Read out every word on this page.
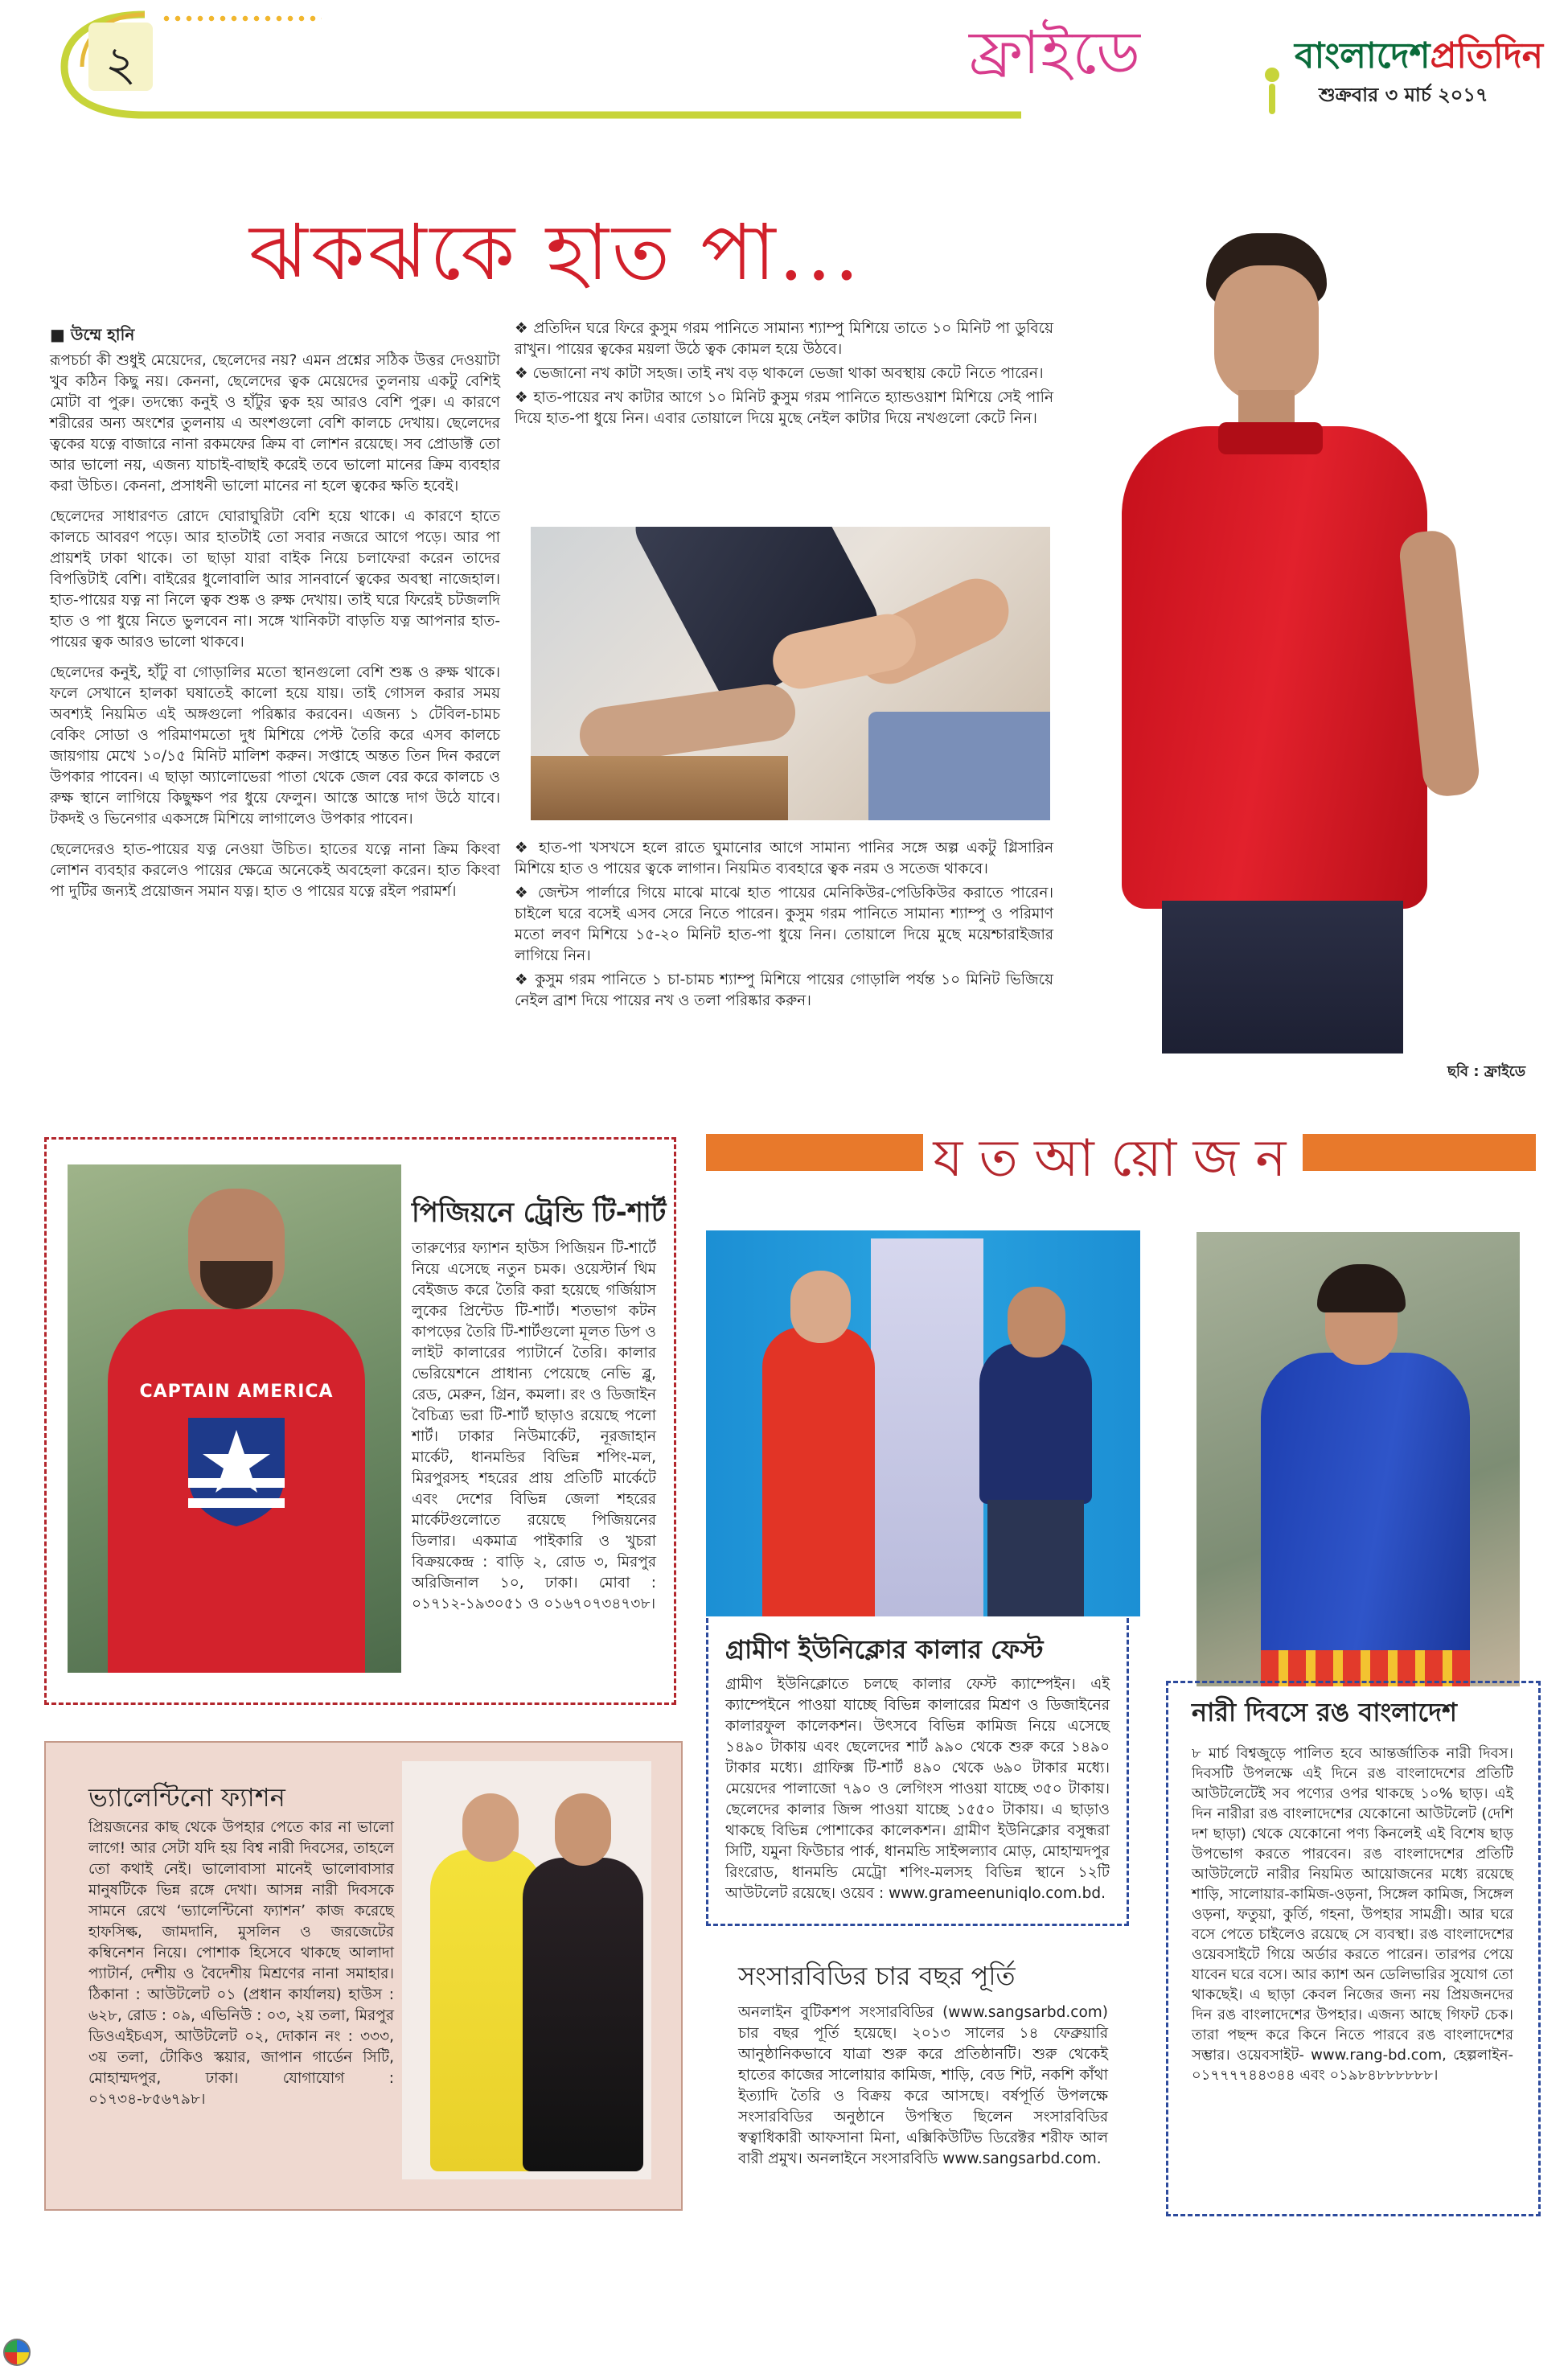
২	ফ্রাইডে	বাংলাদেশপ্রতিদিন
শুক্রবার ৩ মার্চ ২০১৭
ঝকঝকে হাত পা...
■ উম্মে হানি

রূপচর্চা কী শুধুই মেয়েদের, ছেলেদের নয়? এমন প্রশ্নের সঠিক উত্তর দেওয়াটা খুব কঠিন কিছু নয়। কেননা, ছেলেদের ত্বক মেয়েদের তুলনায় একটু বেশিই মোটা বা পুরু। তদন্ধ্যে কনুই ও হাঁটুর ত্বক হয় আরও বেশি পুরু। এ কারণে শরীরের অন্য অংশের তুলনায় এ অংশগুলো বেশি কালচে দেখায়। ছেলেদের ত্বকের যত্নে বাজারে নানা রকমফের ক্রিম বা লোশন রয়েছে। সব প্রোডাক্ট তো আর ভালো নয়, এজন্য যাচাই-বাছাই করেই তবে ভালো মানের ক্রিম ব্যবহার করা উচিত। কেননা, প্রসাধনী ভালো মানের না হলে ত্বকের ক্ষতি হবেই।

ছেলেদের সাধারণত রোদে ঘোরাঘুরিটা বেশি হয়ে থাকে। এ কারণে হাতে কালচে আবরণ পড়ে। আর হাতটাই তো সবার নজরে আগে পড়ে। আর পা প্রায়শই ঢাকা থাকে। তা ছাড়া যারা বাইক নিয়ে চলাফেরা করেন তাদের বিপত্তিটাই বেশি। বাইরের ধুলোবালি আর সানবার্নে ত্বকের অবস্থা নাজেহাল। হাত-পায়ের যত্ন না নিলে ত্বক শুষ্ক ও রুক্ষ দেখায়। তাই ঘরে ফিরেই চটজলদি হাত ও পা ধুয়ে নিতে ভুলবেন না। সঙ্গে খানিকটা বাড়তি যত্ন আপনার হাত-পায়ের ত্বক আরও ভালো থাকবে।

ছেলেদের কনুই, হাঁটু বা গোড়ালির মতো স্থানগুলো বেশি শুষ্ক ও রুক্ষ থাকে। ফলে সেখানে হালকা ঘষাতেই কালো হয়ে যায়। তাই গোসল করার সময় অবশ্যই নিয়মিত এই অঙ্গগুলো পরিষ্কার করবেন। এজন্য ১ টেবিল-চামচ বেকিং সোডা ও পরিমাণমতো দুধ মিশিয়ে পেস্ট তৈরি করে এসব কালচে জায়গায় মেখে ১০/১৫ মিনিট মালিশ করুন। সপ্তাহে অন্তত তিন দিন করলে উপকার পাবেন। এ ছাড়া অ্যালোভেরা পাতা থেকে জেল বের করে কালচে ও রুক্ষ স্থানে লাগিয়ে কিছুক্ষণ পর ধুয়ে ফেলুন। আস্তে আস্তে দাগ উঠে যাবে। টকদই ও ভিনেগার একসঙ্গে মিশিয়ে লাগালেও উপকার পাবেন।

ছেলেদেরও হাত-পায়ের যত্ন নেওয়া উচিত। হাতের যত্নে নানা ক্রিম কিংবা লোশন ব্যবহার করলেও পায়ের ক্ষেত্রে অনেকেই অবহেলা করেন। হাত কিংবা পা দুটির জন্যই প্রয়োজন সমান যত্ন। হাত ও পায়ের যত্নে রইল পরামর্শ।

❖ প্রতিদিন ঘরে ফিরে কুসুম গরম পানিতে সামান্য শ্যাম্পু মিশিয়ে তাতে ১০ মিনিট পা ডুবিয়ে রাখুন। পায়ের ত্বকের ময়লা উঠে ত্বক কোমল হয়ে উঠবে।

❖ ভেজানো নখ কাটা সহজ। তাই নখ বড় থাকলে ভেজা থাকা অবস্থায় কেটে নিতে পারেন।

❖ হাত-পায়ের নখ কাটার আগে ১০ মিনিট কুসুম গরম পানিতে হ্যান্ডওয়াশ মিশিয়ে সেই পানি দিয়ে হাত-পা ধুয়ে নিন। এবার তোয়ালে দিয়ে মুছে নেইল কাটার দিয়ে নখগুলো কেটে নিন।

❖ হাত-পা খসখসে হলে রাতে ঘুমানোর আগে সামান্য পানির সঙ্গে অল্প একটু গ্লিসারিন মিশিয়ে হাত ও পায়ের ত্বকে লাগান। নিয়মিত ব্যবহারে ত্বক নরম ও সতেজ থাকবে।

❖ জেন্টস পার্লারে গিয়ে মাঝে মাঝে হাত পায়ের মেনিকিউর-পেডিকিউর করাতে পারেন। চাইলে ঘরে বসেই এসব সেরে নিতে পারেন। কুসুম গরম পানিতে সামান্য শ্যাম্পু ও পরিমাণ মতো লবণ মিশিয়ে ১৫-২০ মিনিট হাত-পা ধুয়ে নিন। তোয়ালে দিয়ে মুছে ময়েশ্চারাইজার লাগিয়ে নিন।

❖ কুসুম গরম পানিতে ১ চা-চামচ শ্যাম্পু মিশিয়ে পায়ের গোড়ালি পর্যন্ত ১০ মিনিট ভিজিয়ে নেইল ব্রাশ দিয়ে পায়ের নখ ও তলা পরিষ্কার করুন।

ছবি : ফ্রাইডে
য ত আ য়ো জ ন
CAPTAIN AMERICA
পিজিয়নে ট্রেন্ডি টি-শার্ট
তারুণ্যের ফ্যাশন হাউস পিজিয়ন টি-শার্টে নিয়ে এসেছে নতুন চমক। ওয়েস্টার্ন থিম বেইজড করে তৈরি করা হয়েছে গর্জিয়াস লুকের প্রিন্টেড টি-শার্ট। শতভাগ কটন কাপড়ের তৈরি টি-শার্টগুলো মূলত ডিপ ও লাইট কালারের প্যাটার্নে তৈরি। কালার ভেরিয়েশনে প্রাধান্য পেয়েছে নেভি ব্লু, রেড, মেরুন, গ্রিন, কমলা। রং ও ডিজাইন বৈচিত্র্য ভরা টি-শার্ট ছাড়াও রয়েছে পলো শার্ট। ঢাকার নিউমার্কেট, নূরজাহান মার্কেট, ধানমন্ডির বিভিন্ন শপিং-মল, মিরপুরসহ শহরের প্রায় প্রতিটি মার্কেটে এবং দেশের বিভিন্ন জেলা শহরের মার্কেটগুলোতে রয়েছে পিজিয়নের ডিলার। একমাত্র পাইকারি ও খুচরা বিক্রয়কেন্দ্র : বাড়ি ২, রোড ৩, মিরপুর অরিজিনাল ১০, ঢাকা। মোবা : ০১৭১২-১৯৩০৫১ ও ০১৬৭০৭৩৪৭৩৮।
ভ্যালেন্টিনো ফ্যাশন
প্রিয়জনের কাছ থেকে উপহার পেতে কার না ভালো লাগে! আর সেটা যদি হয় বিশ্ব নারী দিবসের, তাহলে তো কথাই নেই। ভালোবাসা মানেই ভালোবাসার মানুষটিকে ভিন্ন রঙ্গে দেখা। আসন্ন নারী দিবসকে সামনে রেখে ‘ভ্যালেন্টিনো ফ্যাশন’ কাজ করেছে হাফসিল্ক, জামদানি, মুসলিন ও জরজেটের কম্বিনেশন নিয়ে। পোশাক হিসেবে থাকছে আলাদা প্যাটার্ন, দেশীয় ও বৈদেশীয় মিশ্রণের নানা সমাহার। ঠিকানা : আউটলেট ০১ (প্রধান কার্যালয়) হাউস : ৬২৮, রোড : ০৯, এভিনিউ : ০৩, ২য় তলা, মিরপুর ডিওএইচএস, আউটলেট ০২, দোকান নং : ৩৩৩, ৩য় তলা, টোকিও স্কয়ার, জাপান গার্ডেন সিটি, মোহাম্মদপুর, ঢাকা। যোগাযোগ : ০১৭৩৪-৮৫৬৭৯৮।
গ্রামীণ ইউনিক্লোর কালার ফেস্ট
গ্রামীণ ইউনিক্লোতে চলছে কালার ফেস্ট ক্যাম্পেইন। এই ক্যাম্পেইনে পাওয়া যাচ্ছে বিভিন্ন কালারের মিশ্রণ ও ডিজাইনের কালারফুল কালেকশন। উৎসবে বিভিন্ন কামিজ নিয়ে এসেছে ১৪৯০ টাকায় এবং ছেলেদের শার্ট ৯৯০ থেকে শুরু করে ১৪৯০ টাকার মধ্যে। গ্রাফিক্স টি-শার্ট ৪৯০ থেকে ৬৯০ টাকার মধ্যে। মেয়েদের পালাজো ৭৯০ ও লেগিংস পাওয়া যাচ্ছে ৩৫০ টাকায়। ছেলেদের কালার জিন্স পাওয়া যাচ্ছে ১৫৫০ টাকায়। এ ছাড়াও থাকছে বিভিন্ন পোশাকের কালেকশন। গ্রামীণ ইউনিক্লোর বসুন্ধরা সিটি, যমুনা ফিউচার পার্ক, ধানমন্ডি সাইন্সল্যাব মোড়, মোহাম্মদপুর রিংরোড, ধানমন্ডি মেট্রো শপিং-মলসহ বিভিন্ন স্থানে ১২টি আউটলেট রয়েছে। ওয়েব : www.grameenuniqlo.com.bd.
সংসারবিডির চার বছর পূর্তি
অনলাইন বুটিকশপ সংসারবিডির (www.sangsarbd.com) চার বছর পূর্তি হয়েছে। ২০১৩ সালের ১৪ ফেব্রুয়ারি আনুষ্ঠানিকভাবে যাত্রা শুরু করে প্রতিষ্ঠানটি। শুরু থেকেই হাতের কাজের সালোয়ার কামিজ, শাড়ি, বেড শিট, নকশি কাঁথা ইত্যাদি তৈরি ও বিক্রয় করে আসছে। বর্ষপূর্তি উপলক্ষে সংসারবিডির অনুষ্ঠানে উপস্থিত ছিলেন সংসারবিডির স্বত্বাধিকারী আফসানা মিনা, এক্সিকিউটিভ ডিরেক্টর শরীফ আল বারী প্রমুখ। অনলাইনে সংসারবিডি www.sangsarbd.com.
নারী দিবসে রঙ বাংলাদেশ
৮ মার্চ বিশ্বজুড়ে পালিত হবে আন্তর্জাতিক নারী দিবস। দিবসটি উপলক্ষে এই দিনে রঙ বাংলাদেশের প্রতিটি আউটলেটেই সব পণ্যের ওপর থাকছে ১০% ছাড়। এই দিন নারীরা রঙ বাংলাদেশের যেকোনো আউটলেট (দেশি দশ ছাড়া) থেকে যেকোনো পণ্য কিনলেই এই বিশেষ ছাড় উপভোগ করতে পারবেন। রঙ বাংলাদেশের প্রতিটি আউটলেটে নারীর নিয়মিত আয়োজনের মধ্যে রয়েছে শাড়ি, সালোয়ার-কামিজ-ওড়না, সিঙ্গেল কামিজ, সিঙ্গেল ওড়না, ফতুয়া, কুর্তি, গহনা, উপহার সামগ্রী। আর ঘরে বসে পেতে চাইলেও রয়েছে সে ব্যবস্থা। রঙ বাংলাদেশের ওয়েবসাইটে গিয়ে অর্ডার করতে পারেন। তারপর পেয়ে যাবেন ঘরে বসে। আর ক্যাশ অন ডেলিভারির সুযোগ তো থাকছেই। এ ছাড়া কেবল নিজের জন্য নয় প্রিয়জনদের দিন রঙ বাংলাদেশের উপহার। এজন্য আছে গিফট চেক। তারা পছন্দ করে কিনে নিতে পারবে রঙ বাংলাদেশের সম্ভার। ওয়েবসাইট- www.rang-bd.com, হেল্পলাইন- ০১৭৭৭৭৪৪৩৪৪ এবং ০১৯৮৪৮৮৮৮৮৮।
